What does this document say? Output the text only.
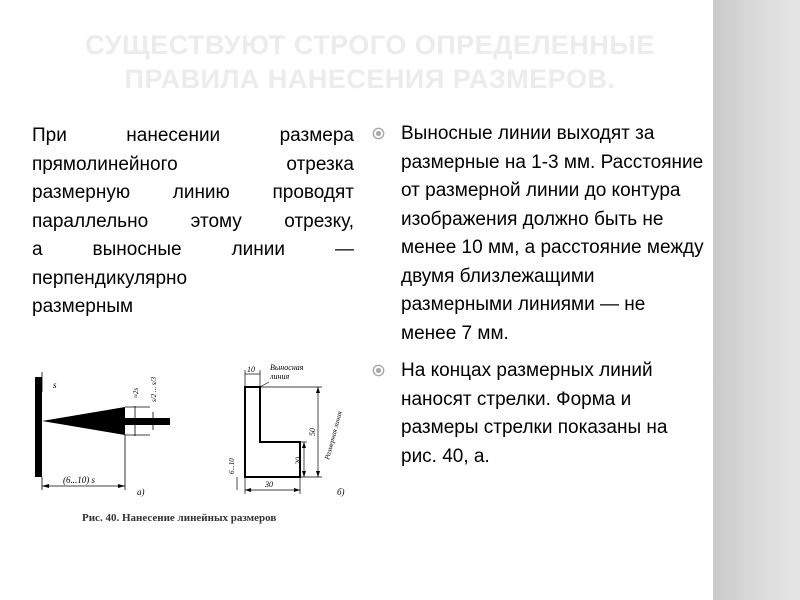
СУЩЕСТВУЮТ СТРОГО ОПРЕДЕЛЕННЫЕ
ПРАВИЛА НАНЕСЕНИЯ РАЗМЕРОВ.
При нанесении размера
прямолинейного отрезка
размерную линию проводят
параллельно этому отрезку,
а выносные линии —
перпендикулярно
размерным
Выносные линии выходят за размерные на 1-3 мм. Расстояние от размерной линии до контура изображения должно быть не менее 10 мм, а расстояние между двумя близлежащими размерными линиями — не менее 7 мм.
На концах размерных линий наносят стрелки. Форма и размеры стрелки показаны на рис. 40, а.
s
≈2s s/2 ... s/3
(6...10) s
а)
10 Выносная
линия
50
20
Размерная линия
30
6...10
б)
Рис. 40. Нанесение линейных размеров
